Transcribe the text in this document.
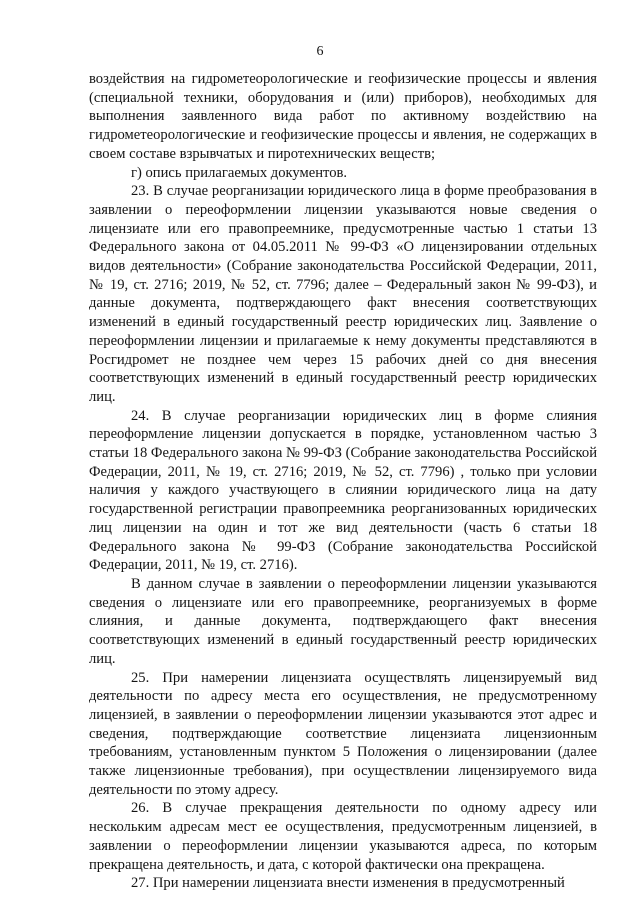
6

воздействия на гидрометеорологические и геофизические процессы и явления (специальной техники, оборудования и (или) приборов), необходимых для выполнения заявленного вида работ по активному воздействию на гидрометеорологические и геофизические процессы и явления, не содержащих в своем составе взрывчатых и пиротехнических веществ;

г) опись прилагаемых документов.

23. В случае реорганизации юридического лица в форме преобразования в заявлении о переоформлении лицензии указываются новые сведения о лицензиате или его правопреемнике, предусмотренные частью 1 статьи 13 Федерального закона от 04.05.2011 № 99-ФЗ «О лицензировании отдельных видов деятельности» (Собрание законодательства Российской Федерации, 2011, № 19, ст. 2716; 2019, № 52, ст. 7796; далее – Федеральный закон № 99-ФЗ), и данные документа, подтверждающего факт внесения соответствующих изменений в единый государственный реестр юридических лиц. Заявление о переоформлении лицензии и прилагаемые к нему документы представляются в Росгидромет не позднее чем через 15 рабочих дней со дня внесения соответствующих изменений в единый государственный реестр юридических лиц.

24. В случае реорганизации юридических лиц в форме слияния переоформление лицензии допускается в порядке, установленном частью 3 статьи 18 Федерального закона № 99-ФЗ (Собрание законодательства Российской Федерации, 2011, № 19, ст. 2716; 2019, № 52, ст. 7796) , только при условии наличия у каждого участвующего в слиянии юридического лица на дату государственной регистрации правопреемника реорганизованных юридических лиц лицензии на один и тот же вид деятельности (часть 6 статьи 18 Федерального закона № 99-ФЗ (Собрание законодательства Российской Федерации, 2011, № 19, ст. 2716).

В данном случае в заявлении о переоформлении лицензии указываются сведения о лицензиате или его правопреемнике, реорганизуемых в форме слияния, и данные документа, подтверждающего факт внесения соответствующих изменений в единый государственный реестр юридических лиц.

25. При намерении лицензиата осуществлять лицензируемый вид деятельности по адресу места его осуществления, не предусмотренному лицензией, в заявлении о переоформлении лицензии указываются этот адрес и сведения, подтверждающие соответствие лицензиата лицензионным требованиям, установленным пунктом 5 Положения о лицензировании (далее также лицензионные требования), при осуществлении лицензируемого вида деятельности по этому адресу.

26. В случае прекращения деятельности по одному адресу или нескольким адресам мест ее осуществления, предусмотренным лицензией, в заявлении о переоформлении лицензии указываются адреса, по которым прекращена деятельность, и дата, с которой фактически она прекращена.

27. При намерении лицензиата внести изменения в предусмотренный
